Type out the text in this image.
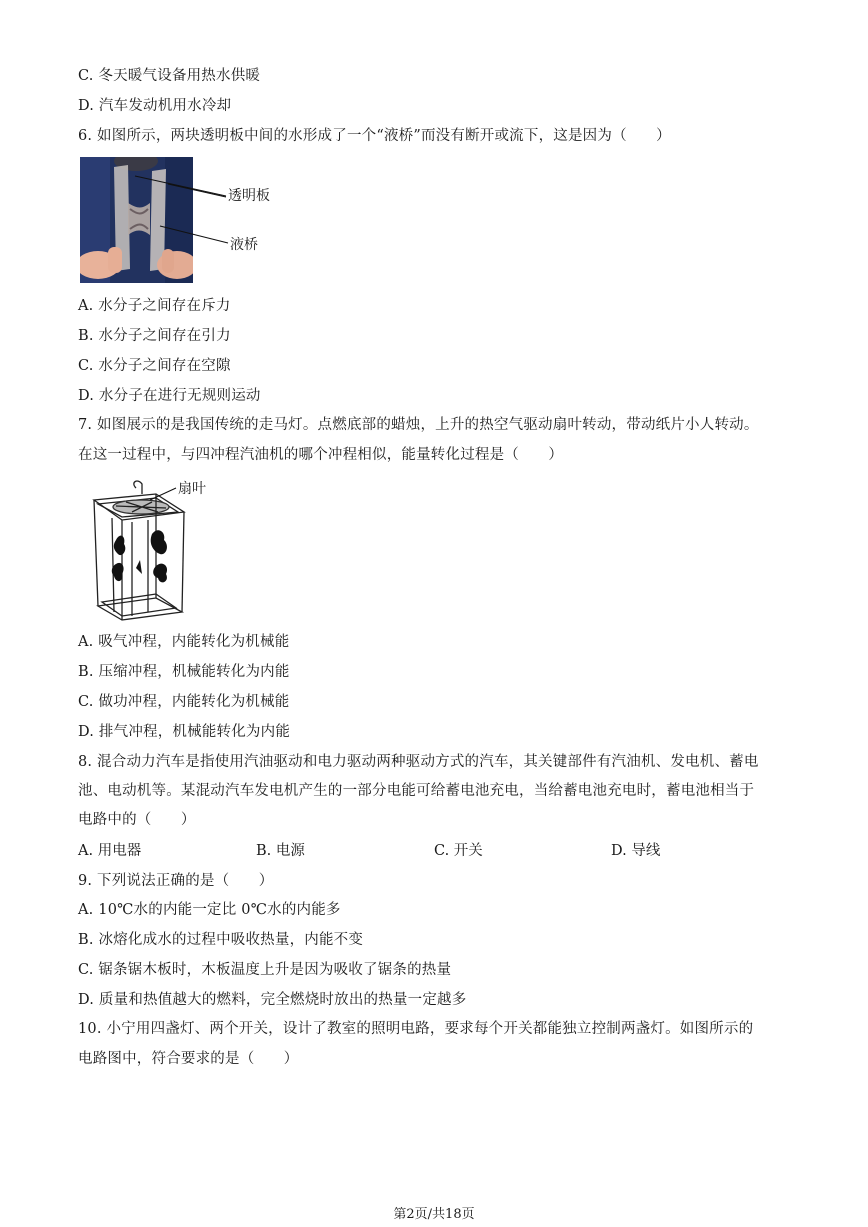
C. 冬天暖气设备用热水供暖
D. 汽车发动机用水冷却
6. 如图所示，两块透明板中间的水形成了一个“液桥”而没有断开或流下，这是因为（　　）
透明板
液桥
A. 水分子之间存在斥力
B. 水分子之间存在引力
C. 水分子之间存在空隙
D. 水分子在进行无规则运动
7. 如图展示的是我国传统的走马灯。点燃底部的蜡烛，上升的热空气驱动扇叶转动，带动纸片小人转动。
在这一过程中，与四冲程汽油机的哪个冲程相似，能量转化过程是（　　）
扇叶
A. 吸气冲程，内能转化为机械能
B. 压缩冲程，机械能转化为内能
C. 做功冲程，内能转化为机械能
D. 排气冲程，机械能转化为内能
8. 混合动力汽车是指使用汽油驱动和电力驱动两种驱动方式的汽车，其关键部件有汽油机、发电机、蓄电
池、电动机等。某混动汽车发电机产生的一部分电能可给蓄电池充电，当给蓄电池充电时，蓄电池相当于
电路中的（　　）
A. 用电器	B. 电源	C. 开关	D. 导线
9. 下列说法正确的是（　　）
A. 10℃水的内能一定比 0℃水的内能多
B. 冰熔化成水的过程中吸收热量，内能不变
C. 锯条锯木板时，木板温度上升是因为吸收了锯条的热量
D. 质量和热值越大的燃料，完全燃烧时放出的热量一定越多
10. 小宁用四盏灯、两个开关，设计了教室的照明电路，要求每个开关都能独立控制两盏灯。如图所示的
电路图中，符合要求的是（　　）
第2页/共18页
